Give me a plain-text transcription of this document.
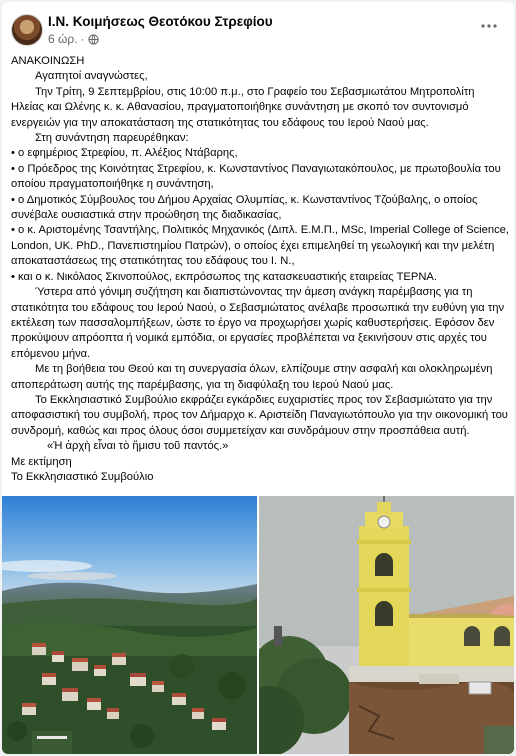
Ι.Ν. Κοιμήσεως Θεοτόκου Στρεφίου
6 ώρ. ·

ΑΝΑΚΟΙΝΩΣΗ

Αγαπητοί αναγνώστες,

Την Τρίτη, 9 Σεπτεμβρίου, στις 10:00 π.μ., στο Γραφείο του Σεβασμιωτάτου Μητροπολίτη Ηλείας και Ωλένης κ. κ. Αθανασίου, πραγματοποιήθηκε συνάντηση με σκοπό τον συντονισμό ενεργειών για την αποκατάσταση της στατικότητας του εδάφους του Ιερού Ναού μας.

Στη συνάντηση παρευρέθηκαν:

• ο εφημέριος Στρεφίου, π. Αλέξιος Ντάβαρης,

• ο Πρόεδρος της Κοινότητας Στρεφίου, κ. Κωνσταντίνος Παναγιωτακόπουλος, με πρωτοβουλία του οποίου πραγματοποιήθηκε η συνάντηση,

• ο Δημοτικός Σύμβουλος του Δήμου Αρχαίας Ολυμπίας, κ. Κωνσταντίνος Τζούβαλης, ο οποίος συνέβαλε ουσιαστικά στην προώθηση της διαδικασίας,

• ο κ. Αριστομένης Τσαντήλης, Πολιτικός Μηχανικός (Διπλ. Ε.Μ.Π., MSc, Imperial College of Science, London, UK. PhD., Πανεπιστημίου Πατρών), ο οποίος έχει επιμεληθεί τη γεωλογική και την μελέτη αποκαταστάσεως της στατικότητας του εδάφους του Ι. Ν.,

• και ο κ. Νικόλαος Σκινοπούλος, εκπρόσωπος της κατασκευαστικής εταιρείας ΤΕΡΝΑ.

Ύστερα από γόνιμη συζήτηση και διαπιστώνοντας την άμεση ανάγκη παρέμβασης για τη στατικότητα του εδάφους του Ιερού Ναού, ο Σεβασμιώτατος ανέλαβε προσωπικά την ευθύνη για την εκτέλεση των πασσαλομπήξεων, ώστε το έργο να προχωρήσει χωρίς καθυστερήσεις. Εφόσον δεν προκύψουν απρόοπτα ή νομικά εμπόδια, οι εργασίες προβλέπεται να ξεκινήσουν στις αρχές του επόμενου μήνα.

Με τη βοήθεια του Θεού και τη συνεργασία όλων, ελπίζουμε στην ασφαλή και ολοκληρωμένη αποπεράτωση αυτής της παρέμβασης, για τη διαφύλαξη του Ιερού Ναού μας.

Το Εκκλησιαστικό Συμβούλιο εκφράζει εγκάρδιες ευχαριστίες προς τον Σεβασμιώτατο για την αποφασιστική του συμβολή, προς τον Δήμαρχο κ. Αριστείδη Παναγιωτόπουλο για την οικονομική του συνδρομή, καθώς και προς όλους όσοι συμμετείχαν και συνδράμουν στην προσπάθεια αυτή.

«Ἡ ἀρχὴ εἶναι τὸ ἥμισυ τοῦ παντός.»

Με εκτίμηση

Το Εκκλησιαστικό Συμβούλιο
